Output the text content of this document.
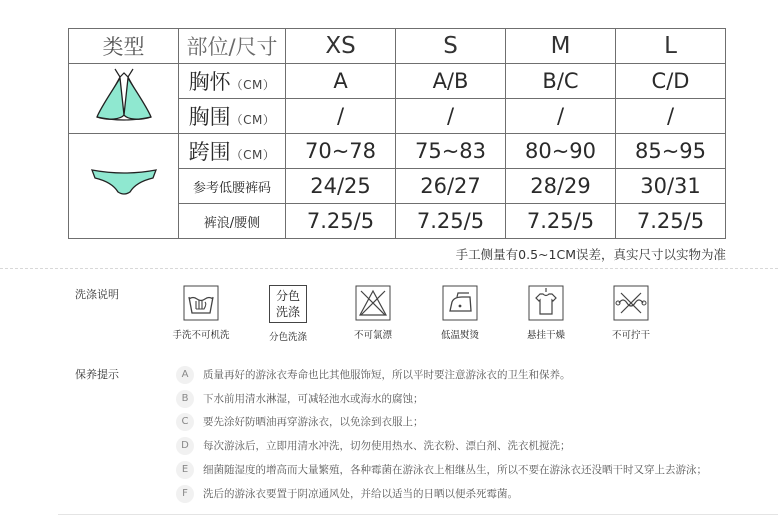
类型	部位/尺寸	XS	S	M	L
	胸怀（CM）	A	A/B	B/C	C/D
	胸围（CM）	/	/	/	/
	跨围（CM）	70~78	75~83	80~90	85~95
	参考低腰裤码	24/25	26/27	28/29	30/31
	裤浪/腰侧	7.25/5	7.25/5	7.25/5	7.25/5
手工侧量有0.5~1CM误差，真实尺寸以实物为准
洗涤说明
手洗不可机洗
分色
洗涤
分色洗涤	不可氯漂	低温熨烫	悬挂干燥	不可拧干
保养提示	A 质量再好的游泳衣寿命也比其他服饰短，所以平时要注意游泳衣的卫生和保养。
B 下水前用清水淋湿，可减轻池水或海水的腐蚀；
C 要先涂好防晒油再穿游泳衣，以免涂到衣服上；
D 每次游泳后，立即用清水冲洗，切勿使用热水、洗衣粉、漂白剂、洗衣机搅洗；
E 细菌随湿度的增高而大量繁殖，各种霉菌在游泳衣上相继丛生，所以不要在游泳衣还没晒干时又穿上去游泳；
F 洗后的游泳衣要置于阴凉通风处，并给以适当的日晒以便杀死霉菌。
